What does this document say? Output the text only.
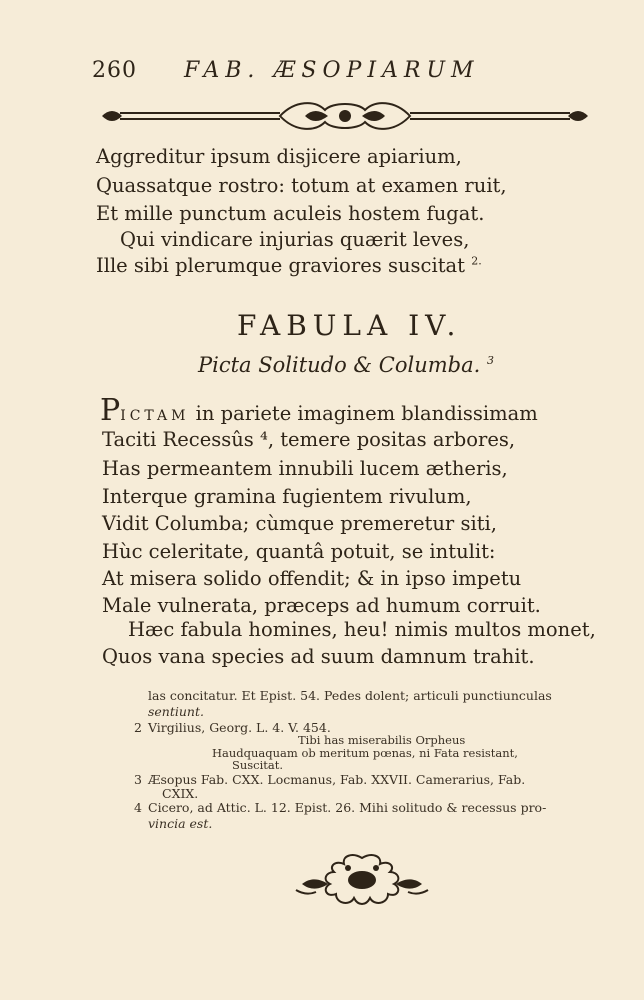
260 FAB. ÆSOPIARUM
Aggreditur ipsum disjicere apiarium,
Quassatque rostro: totum at examen ruit,
Et mille punctum aculeis hostem fugat.
Qui vindicare injurias quærit leves,
Ille sibi plerumque graviores suscitat $^{2.}$
FABULA IV.
Picta Solitudo & Columba. $^3$
PICTAM in pariete imaginem blandissimam
Taciti Recessûs ⁴, temere positas arbores,
Has permeantem innubili lucem ætheris,
Interque gramina fugientem rivulum,
Vidit Columba; cùmque premeretur siti,
Hùc celeritate, quantâ potuit, se intulit:
At misera solido offendit; & in ipso impetu
Male vulnerata, præceps ad humum corruit.
Hæc fabula homines, heu! nimis multos monet,
Quos vana species ad suum damnum trahit.
las concitatur. Et Epist. 54. Pedes dolent; articuli punctiunculas
sentiunt.
2 Virgilius, Georg. L. 4. V. 454.
Tibi has miserabilis Orpheus
Haudquaquam ob meritum pœnas, ni Fata resistant,
Suscitat.
3 Æsopus Fab. CXX. Locmanus, Fab. XXVII. Camerarius, Fab.
CXIX.
4 Cicero, ad Attic. L. 12. Epist. 26. Mihi solitudo & recessus pro-
vincia est.
